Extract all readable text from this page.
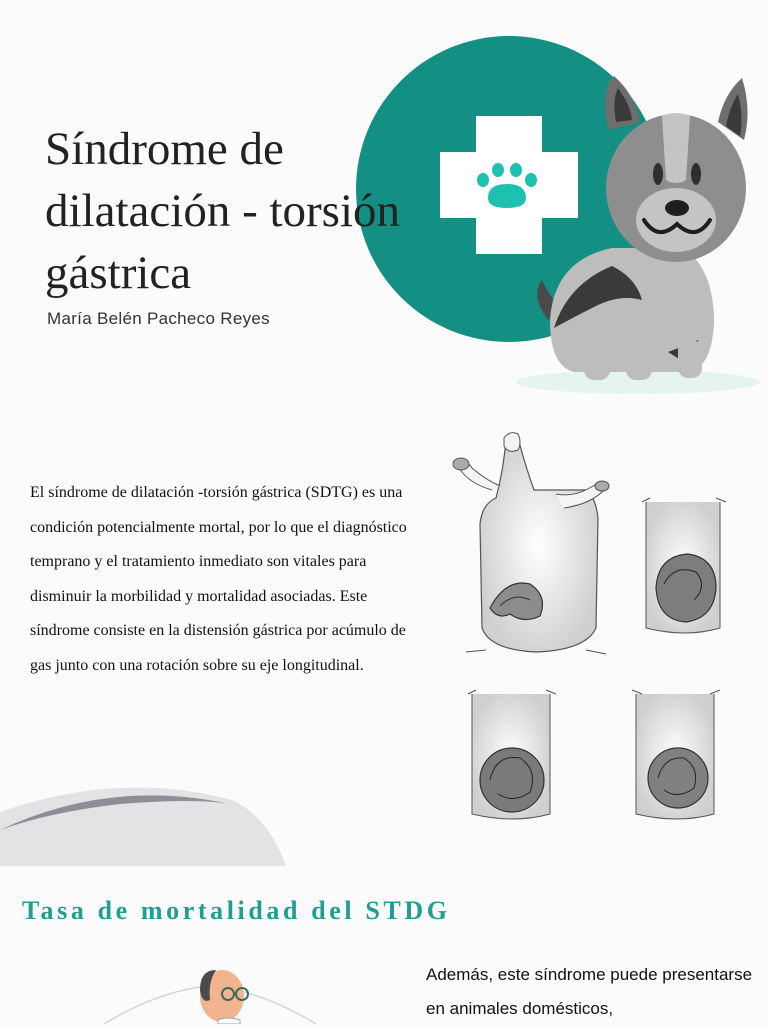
Síndrome de dilatación - torsión gástrica
María Belén Pacheco Reyes

El síndrome de dilatación -torsión gástrica (SDTG) es una condición potencialmente mortal, por lo que el diagnóstico temprano y el tratamiento inmediato son vitales para disminuir la morbilidad y mortalidad asociadas. Este síndrome consiste en la distensión gástrica por acúmulo de gas junto con una rotación sobre su eje longitudinal.

Tasa de mortalidad del STDG

Además, este síndrome puede presentarse en animales domésticos,
